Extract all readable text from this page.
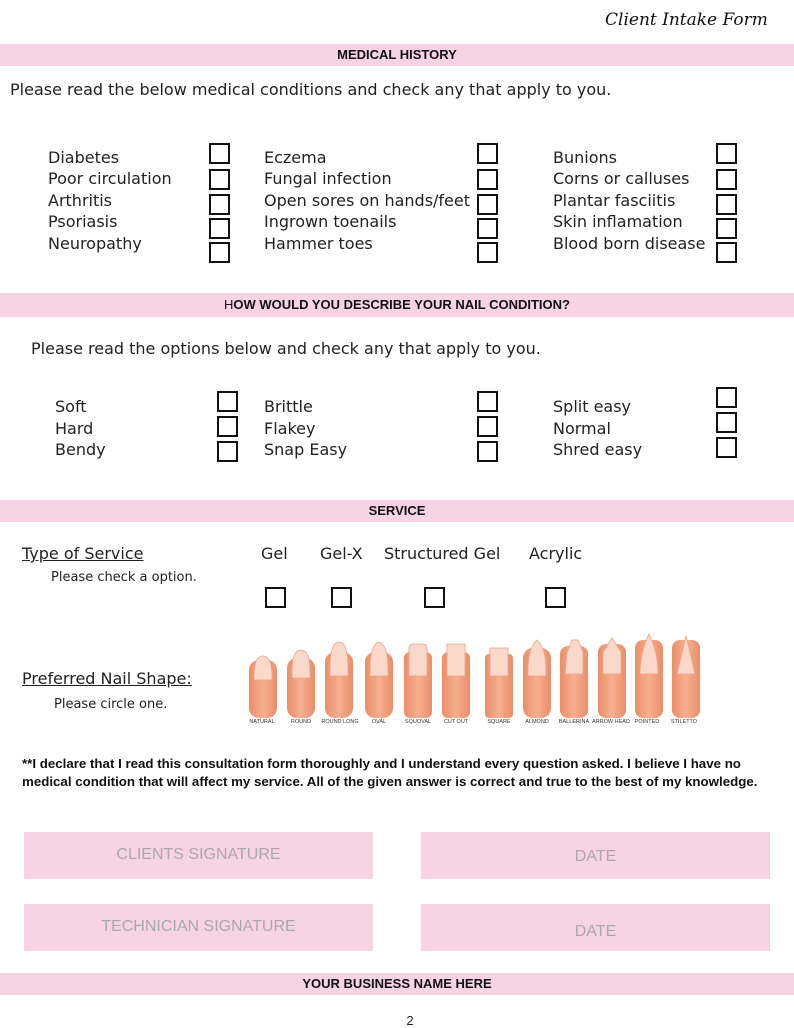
Client Intake Form
MEDICAL HISTORY
Please read the below medical conditions and check any that apply to you.
Diabetes
Poor circulation
Arthritis
Psoriasis
Neuropathy
Eczema
Fungal infection
Open sores on hands/feet
Ingrown toenails
Hammer toes
Bunions
Corns or calluses
Plantar fasciitis
Skin inflamation
Blood born disease
HOW WOULD YOU DESCRIBE YOUR NAIL CONDITION?
Please read the options below and check any that apply to you.
Soft
Hard
Bendy
Brittle
Flakey
Snap Easy
Split easy
Normal
Shred easy
SERVICE
Type of Service
Please check a option.
Gel Gel-X Structured Gel Acrylic
Preferred Nail Shape:
Please circle one.
NATURAL	ROUND	ROUND LONG	OVAL	SQUOVAL	CUT OUT	SQUARE	ALMOND	BALLERINA ARROW HEAD POINTED	STILETTO
**I declare that I read this consultation form thoroughly and I understand every question asked. I believe I have no medical condition that will affect my service. All of the given answer is correct and true to the best of my knowledge.
CLIENTS SIGNATURE	DATE
TECHNICIAN SIGNATURE	DATE
YOUR BUSINESS NAME HERE
2
